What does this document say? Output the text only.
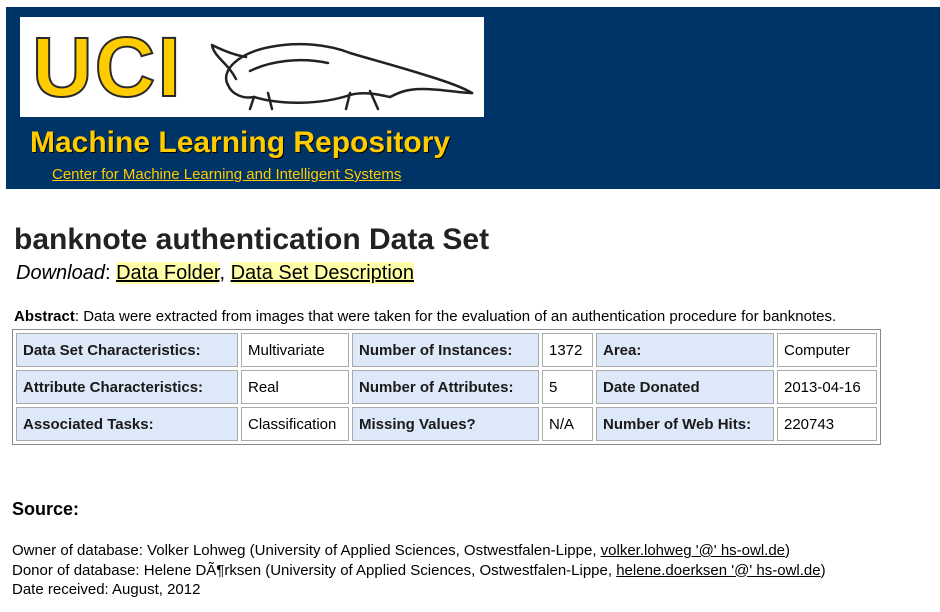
UCI
Machine Learning Repository
Center for Machine Learning and Intelligent Systems
banknote authentication Data Set
Download: Data Folder, Data Set Description
Abstract: Data were extracted from images that were taken for the evaluation of an authentication procedure for banknotes.
Data Set Characteristics:	Multivariate	Number of Instances:	1372	Area:	Computer
Attribute Characteristics:	Real	Number of Attributes:	5	Date Donated	2013-04-16
Associated Tasks:	Classification	Missing Values?	N/A	Number of Web Hits:	220743
Source:
Owner of database: Volker Lohweg (University of Applied Sciences, Ostwestfalen-Lippe, volker.lohweg '@' hs-owl.de)
Donor of database: Helene DÃ¶rksen (University of Applied Sciences, Ostwestfalen-Lippe, helene.doerksen '@' hs-owl.de)
Date received: August, 2012
